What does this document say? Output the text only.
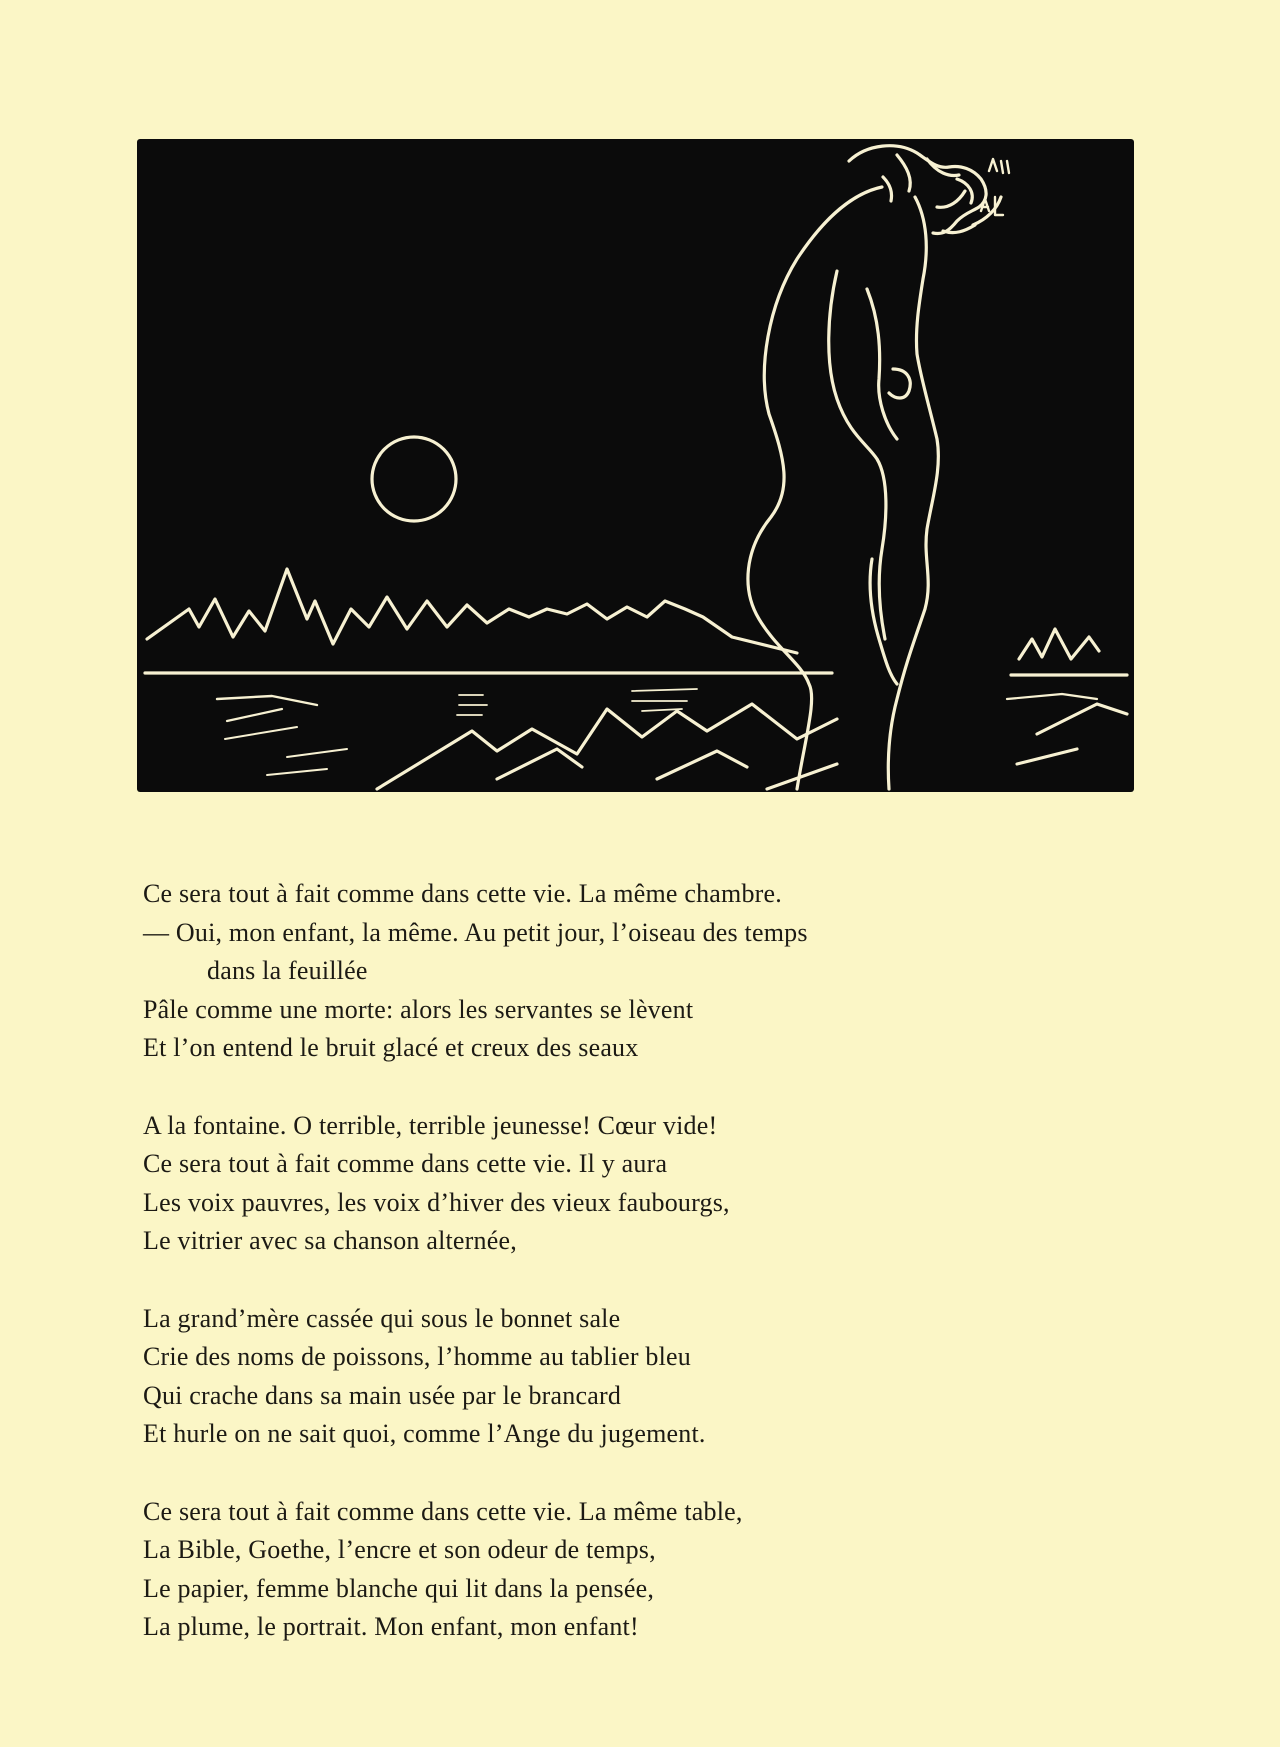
Ce sera tout à fait comme dans cette vie. La même chambre.
— Oui, mon enfant, la même. Au petit jour, l’oiseau des temps
dans la feuillée
Pâle comme une morte: alors les servantes se lèvent
Et l’on entend le bruit glacé et creux des seaux
A la fontaine. O terrible, terrible jeunesse! Cœur vide!
Ce sera tout à fait comme dans cette vie. Il y aura
Les voix pauvres, les voix d’hiver des vieux faubourgs,
Le vitrier avec sa chanson alternée,
La grand’mère cassée qui sous le bonnet sale
Crie des noms de poissons, l’homme au tablier bleu
Qui crache dans sa main usée par le brancard
Et hurle on ne sait quoi, comme l’Ange du jugement.
Ce sera tout à fait comme dans cette vie. La même table,
La Bible, Goethe, l’encre et son odeur de temps,
Le papier, femme blanche qui lit dans la pensée,
La plume, le portrait. Mon enfant, mon enfant!
